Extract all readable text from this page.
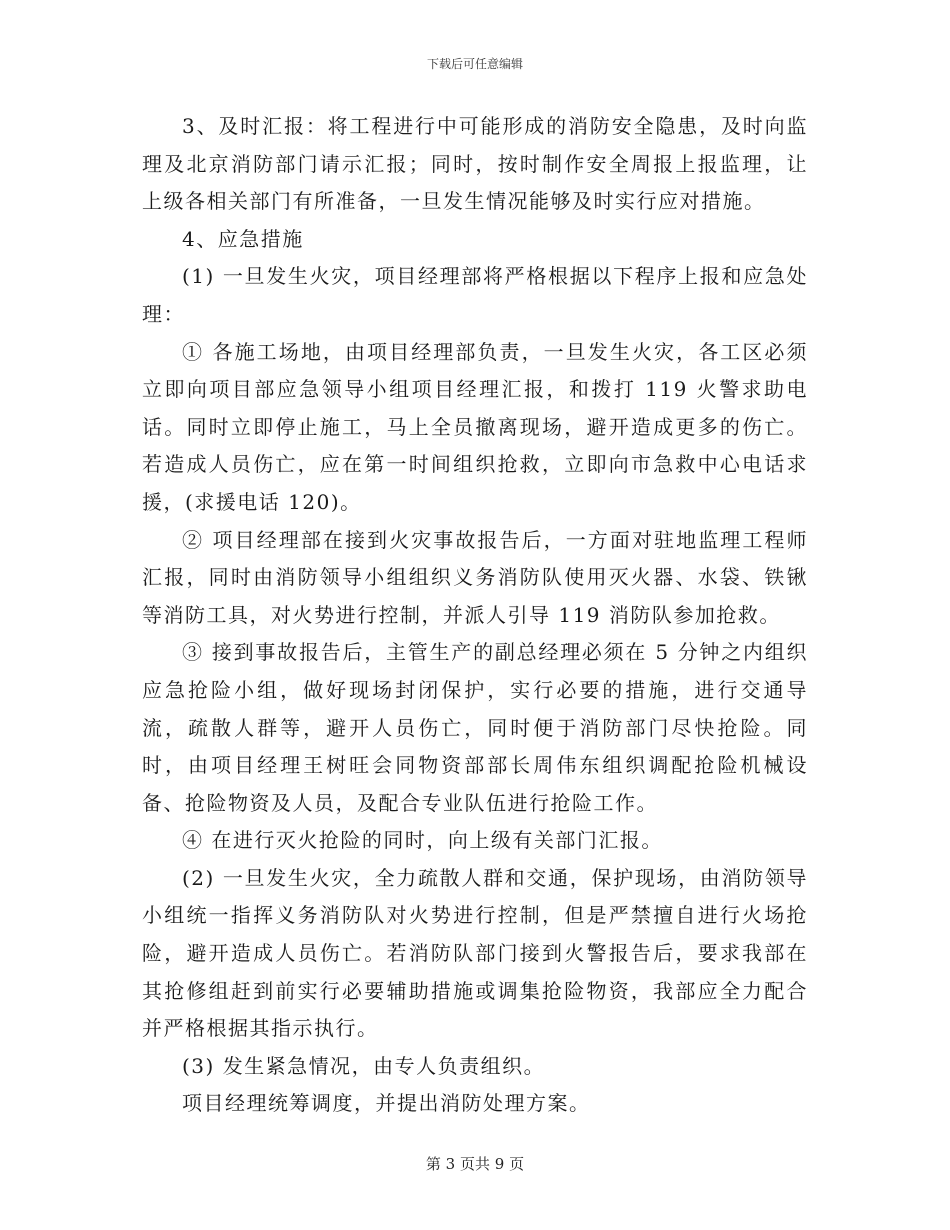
下载后可任意编辑

3、及时汇报：将工程进行中可能形成的消防安全隐患，及时向监理及北京消防部门请示汇报；同时，按时制作安全周报上报监理，让上级各相关部门有所准备，一旦发生情况能够及时实行应对措施。

4、应急措施

(1) 一旦发生火灾，项目经理部将严格根据以下程序上报和应急处理：

① 各施工场地，由项目经理部负责，一旦发生火灾，各工区必须立即向项目部应急领导小组项目经理汇报，和拨打 119 火警求助电话。同时立即停止施工，马上全员撤离现场，避开造成更多的伤亡。若造成人员伤亡，应在第一时间组织抢救，立即向市急救中心电话求援，(求援电话 120)。

② 项目经理部在接到火灾事故报告后，一方面对驻地监理工程师汇报，同时由消防领导小组组织义务消防队使用灭火器、水袋、铁锹等消防工具，对火势进行控制，并派人引导 119 消防队参加抢救。

③ 接到事故报告后，主管生产的副总经理必须在 5 分钟之内组织应急抢险小组，做好现场封闭保护，实行必要的措施，进行交通导流，疏散人群等，避开人员伤亡，同时便于消防部门尽快抢险。同时，由项目经理王树旺会同物资部部长周伟东组织调配抢险机械设备、抢险物资及人员，及配合专业队伍进行抢险工作。

④ 在进行灭火抢险的同时，向上级有关部门汇报。

(2) 一旦发生火灾，全力疏散人群和交通，保护现场，由消防领导小组统一指挥义务消防队对火势进行控制，但是严禁擅自进行火场抢险，避开造成人员伤亡。若消防队部门接到火警报告后，要求我部在其抢修组赶到前实行必要辅助措施或调集抢险物资，我部应全力配合并严格根据其指示执行。

(3) 发生紧急情况，由专人负责组织。

项目经理统筹调度，并提出消防处理方案。

第 3 页共 9 页
